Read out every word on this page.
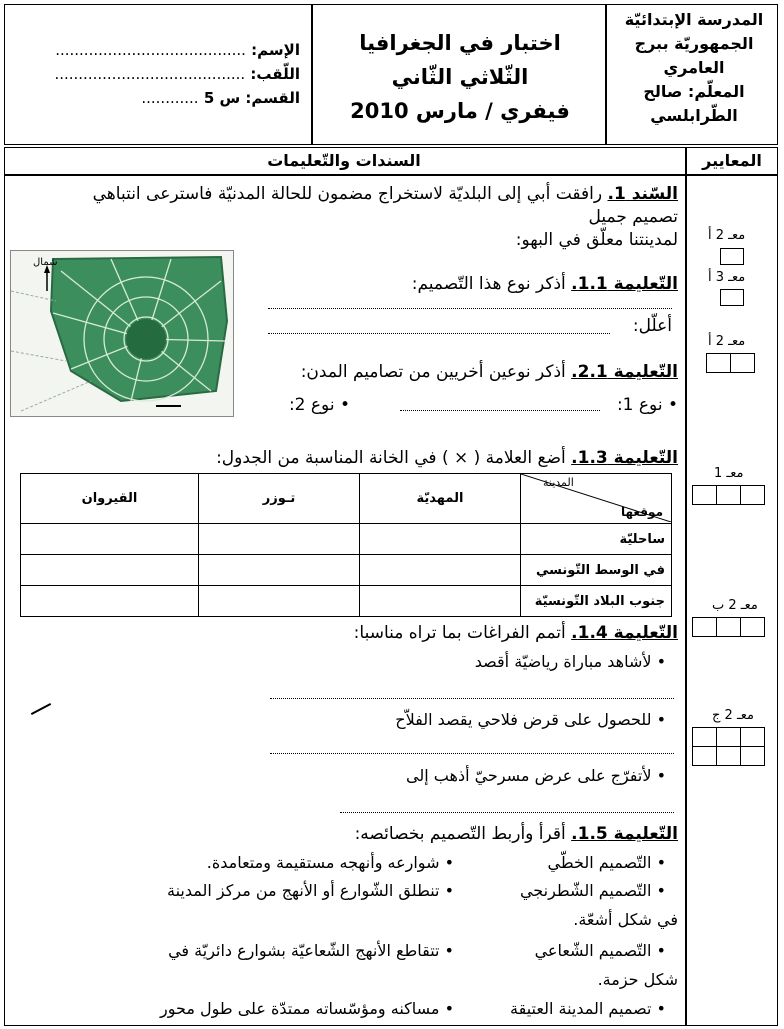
المدرسة الإبتدائيّة
الجمهوريّة ببرج
العامري
المعلّم: صالح
الطّرابلسي
اختبار في الجغرافيا
الثّلاثي الثّاني
فيفري / مارس 2010
الإسم: ........................................
اللّقب: ........................................
القسم: س 5 ............
المعايير
السندات والتّعليمات
السّند 1. رافقت أبي إلى البلديّة لاستخراج مضمون للحالة المدنيّة فاسترعى انتباهي
تصميم جميل
لمدينتنا معلّق في البهو:
شمال
التّعليمة 1.1. أذكر نوع هذا التّصميم:
أعلّل:
التّعليمة 2.1. أذكر نوعين أخريين من تصاميم المدن:
• نوع 1:
• نوع 2:
التّعليمة 1.3. أضع العلامة ( × ) في الخانة المناسبة من الجدول:
المدينة
موقعها	المهديّة	تـوزر	القيروان
ساحليّة			
في الوسط التّونسي			
جنوب البلاد التّونسيّة			
التّعليمة 1.4. أتمم الفراغات بما تراه مناسبا:
• لأشاهد مباراة رياضيّة أقصد
• للحصول على قرض فلاحي يقصد الفلاّح
• لأتفرّج على عرض مسرحيّ أذهب إلى
التّعليمة 1.5. أقرأ وأربط التّصميم بخصائصه:
• التّصميم الخطّي
• شوارعه وأنهجه مستقيمة ومتعامدة.
• التّصميم الشّطرنجي
• تنطلق الشّوارع أو الأنهج من مركز المدينة
في شكل أشعّة.
• التّصميم الشّعاعي
• تتقاطع الأنهج الشّعاعيّة بشوارع دائريّة في
شكل حزمة.
• تصميم المدينة العتيقة
• مساكنه ومؤسّساته ممتدّة على طول محور
معـ 2 أ
معـ 3 أ
معـ 2 أ

معـ 1

معـ 2 ب

معـ 2 ج
